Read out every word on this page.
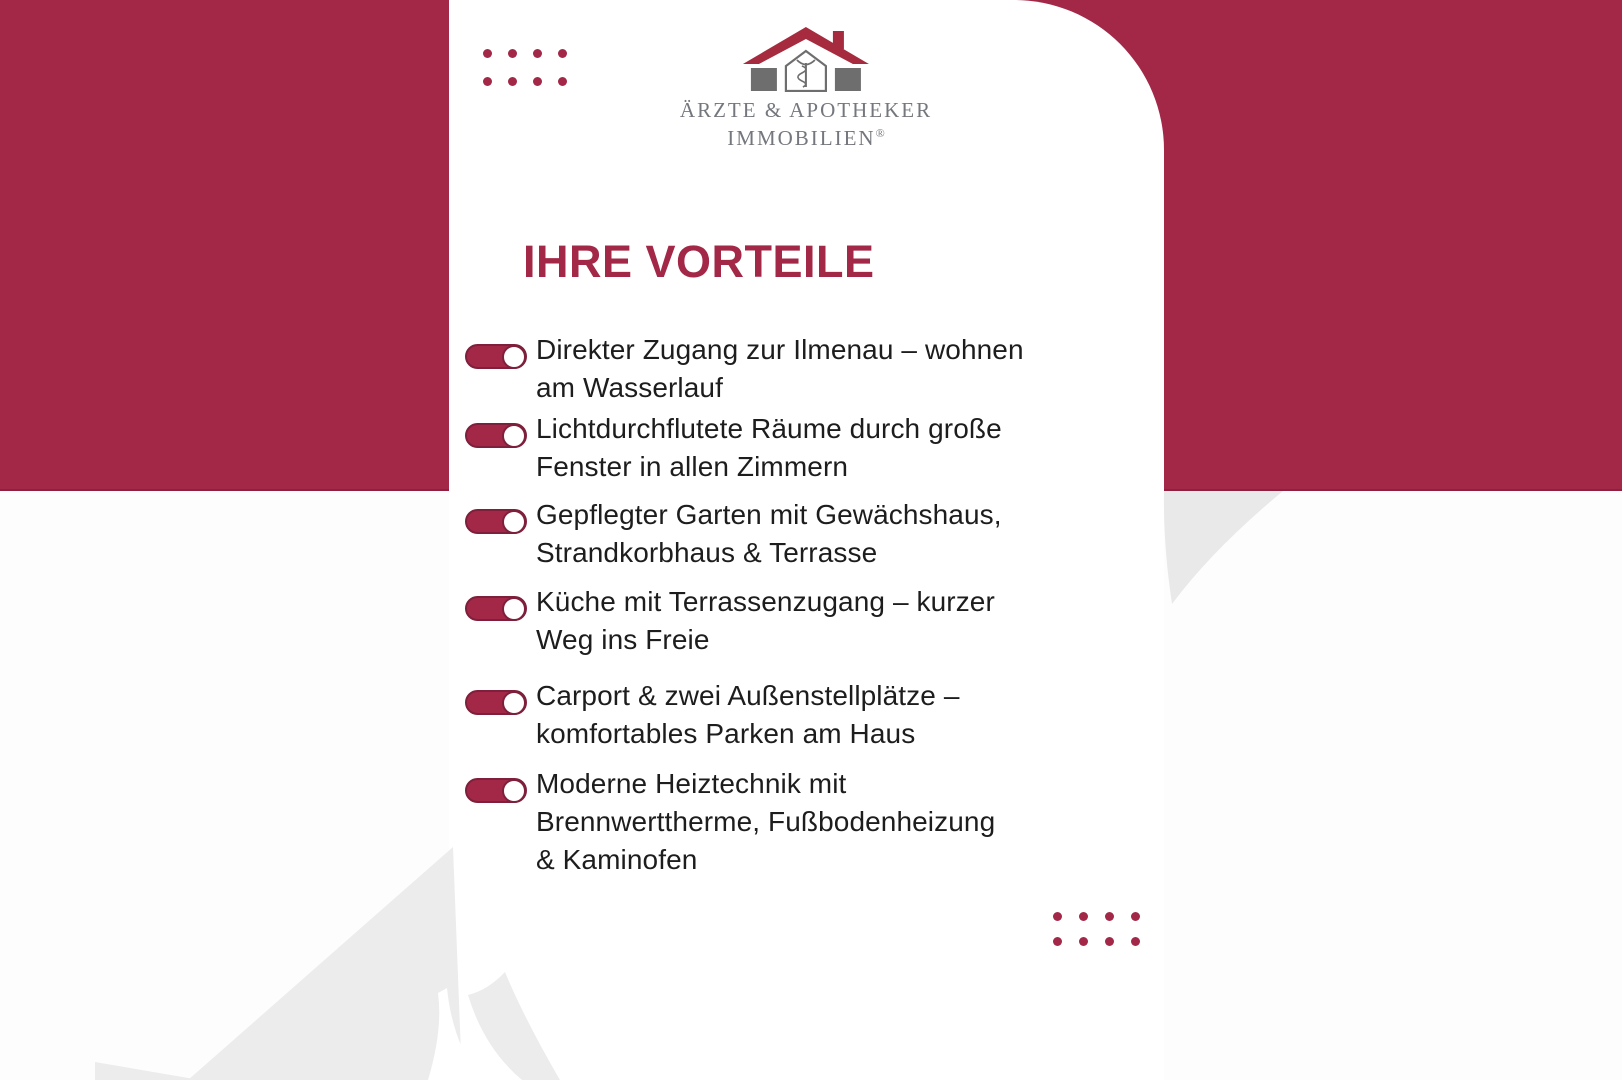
ÄRZTE & APOTHEKER
IMMOBILIEN®
IHRE VORTEILE
Direkter Zugang zur Ilmenau – wohnen
am Wasserlauf
Lichtdurchflutete Räume durch große
Fenster in allen Zimmern
Gepflegter Garten mit Gewächshaus,
Strandkorbhaus & Terrasse
Küche mit Terrassenzugang – kurzer
Weg ins Freie
Carport & zwei Außenstellplätze –
komfortables Parken am Haus
Moderne Heiztechnik mit
Brennwerttherme, Fußbodenheizung
& Kaminofen
